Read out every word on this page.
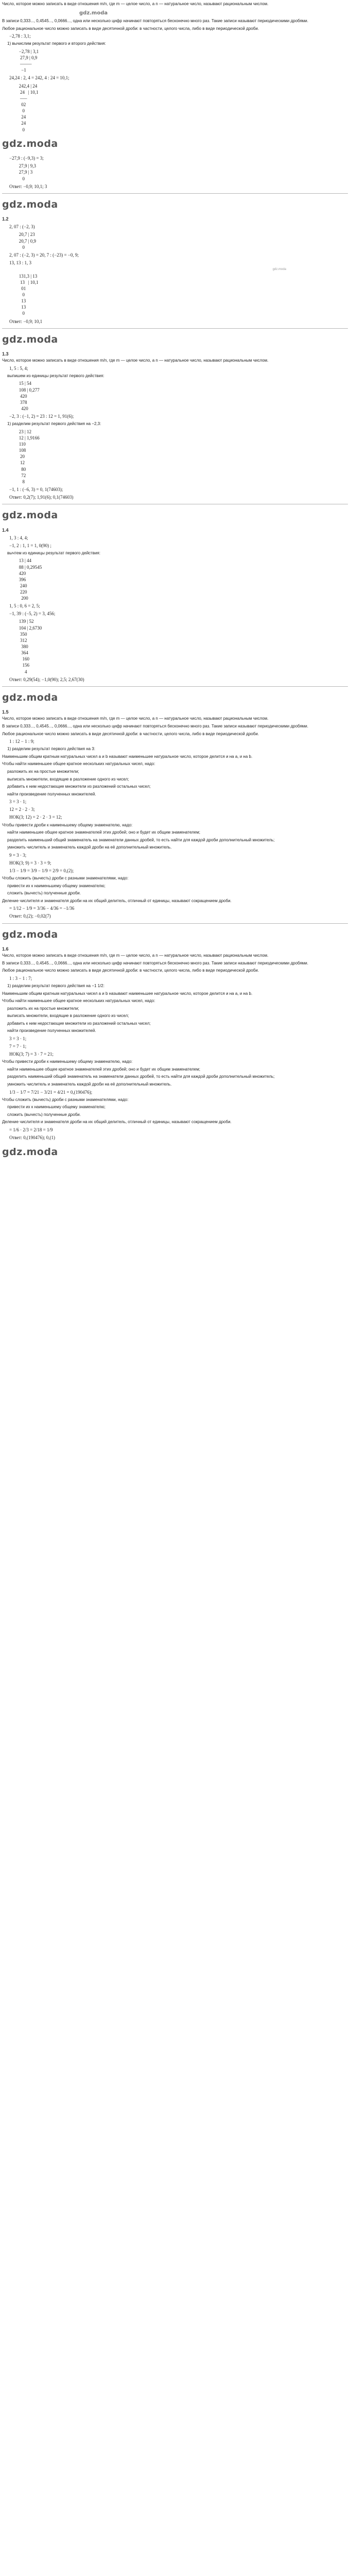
Число, которое можно записать в виде отношения m/n, где m — целое число, а n — натуральное число, называют рациональным числом.
gdz.moda
В записи 0,333..., 0,4545..., 0,0666..., одна или несколько цифр начинают повторяться бесконечно много раз. Такие записи называют периодическими дробями.
Любое рациональное число можно записать в виде десятичной дроби: в частности, целого числа, либо в виде периодической дроби.
−2,78 : 3,1;
1) вычислим результат первого и второго действия:
−2,78 | 3,1
27,9 | 0,9
–––––
−1
24,24 : 2, 4 = 242, 4 : 24 = 10,1;
242,4 | 24
24   | 10,1
–––
02
0
24
24
0
gdz.moda
−27,9 : (−9,3) = 3;
27,9 | 9,3
27,9 | 3
0
Ответ: −0,9; 10,1; 3
gdz.moda
1.2
2, 07 : (−2, 3)
20,7 | 23
20,7 | 0,9
0
2, 07 : (−2, 3) = 20, 7 : (−23) = −0, 9;
13, 13 : 1, 3
gdz.moda
131,3 | 13
13   | 10,1
01
0
13
13
0
Ответ: −0,9; 10,1
gdz.moda
1.3
Число, которое можно записать в виде отношения m/n, где m — целое число, а n — натуральное число, называют рациональным числом.
1, 5 : 5, 4;
выпишем из единицы результат первого действия:
15 | 54
108 | 0,277
420
378
420
−2, 3 : (−1, 2) = 23 : 12 = 1, 91(6);
1) разделим результат первого действия на −2,3:
23 | 12
12 | 1,9166
110
108
20
12
80
72
8
−1, 1 : (−6, 3) = 0, 1(74603);
Ответ: 0,2(7); 1,91(6); 0,1(74603)
gdz.moda
1.4
1, 3 : 4, 4;
−1, 2 : 1, 1 = 1, 0(90) ;
вычтем из единицы результат первого действия:
13 | 44
88 | 0,29545
420
396
240
220
200
1, 5 : 0, 6 = 2, 5;
−1, 39 : (−5, 2) = 3, 456;
139 | 52
104 | 2,6730
350
312
380
364
160
156
4
Ответ: 0,29(54); −1,0(90); 2,5; 2,67(30)
gdz.moda
1.5
Число, которое можно записать в виде отношения m/n, где m — целое число, а n — натуральное число, называют рациональным числом.
В записи 0,333..., 0,4545..., 0,0666..., одна или несколько цифр начинают повторяться бесконечно много раз. Такие записи называют периодическими дробями.
Любое рациональное число можно записать в виде десятичной дроби: в частности, целого числа, либо в виде периодической дроби.
1 : 12 − 1 : 9;
1) разделим результат первого действия на 3:
Наименьшим общим кратным натуральных чисел a и b называют наименьшее натуральное число, которое делится и на a, и на b.
Чтобы найти наименьшее общее кратное нескольких натуральных чисел, надо:
разложить их на простые множители;
выписать множители, входящие в разложение одного из чисел;
добавить к ним недостающие множители из разложений остальных чисел;
найти произведение полученных множителей.
3 = 3 · 1;
12 = 2 · 2 · 3;
НОК(3; 12) = 2 · 2 · 3 = 12;
Чтобы привести дроби к наименьшему общему знаменателю, надо:
найти наименьшее общее кратное знаменателей этих дробей; оно и будет их общим знаменателем;
разделить наименьший общий знаменатель на знаменатели данных дробей, то есть найти для каждой дроби дополнительный множитель;
умножить числитель и знаменатель каждой дроби на её дополнительный множитель.
9 = 3 · 3;
НОК(3; 9) = 3 · 3 = 9;
1/3 − 1/9 = 3/9 − 1/9 = 2/9 = 0,(2);
Чтобы сложить (вычесть) дроби с разными знаменателями, надо:
привести их к наименьшему общему знаменателю;
сложить (вычесть) полученные дроби.
Деление числителя и знаменателя дроби на их общий делитель, отличный от единицы, называют сокращением дроби.
= 1/12 − 1/9 = 3/36 − 4/36 = −1/36
Ответ: 0,(2); −0,02(7)
gdz.moda
1.6
Число, которое можно записать в виде отношения m/n, где m — целое число, а n — натуральное число, называют рациональным числом.
В записи 0,333..., 0,4545..., 0,0666..., одна или несколько цифр начинают повторяться бесконечно много раз. Такие записи называют периодическими дробями.
Любое рациональное число можно записать в виде десятичной дроби: в частности, целого числа, либо в виде периодической дроби.
1 : 3 − 1 : 7;
1) разделим результат первого действия на −1 1/2:
Наименьшим общим кратным натуральных чисел a и b называют наименьшее натуральное число, которое делится и на a, и на b.
Чтобы найти наименьшее общее кратное нескольких натуральных чисел, надо:
разложить их на простые множители;
выписать множители, входящие в разложение одного из чисел;
добавить к ним недостающие множители из разложений остальных чисел;
найти произведение полученных множителей.
3 = 3 · 1;
7 = 7 · 1;
НОК(3; 7) = 3 · 7 = 21;
Чтобы привести дроби к наименьшему общему знаменателю, надо:
найти наименьшее общее кратное знаменателей этих дробей; оно и будет их общим знаменателем;
разделить наименьший общий знаменатель на знаменатели данных дробей, то есть найти для каждой дроби дополнительный множитель;
умножить числитель и знаменатель каждой дроби на её дополнительный множитель.
1/3 − 1/7 = 7/21 − 3/21 = 4/21 = 0,(190476);
Чтобы сложить (вычесть) дроби с разными знаменателями, надо:
привести их к наименьшему общему знаменателю;
сложить (вычесть) полученные дроби.
Деление числителя и знаменателя дроби на их общий делитель, отличный от единицы, называют сокращением дроби.
= 1/6 · 2/3 = 2/18 = 1/9
Ответ: 0,(190476); 0,(1)
gdz.moda
